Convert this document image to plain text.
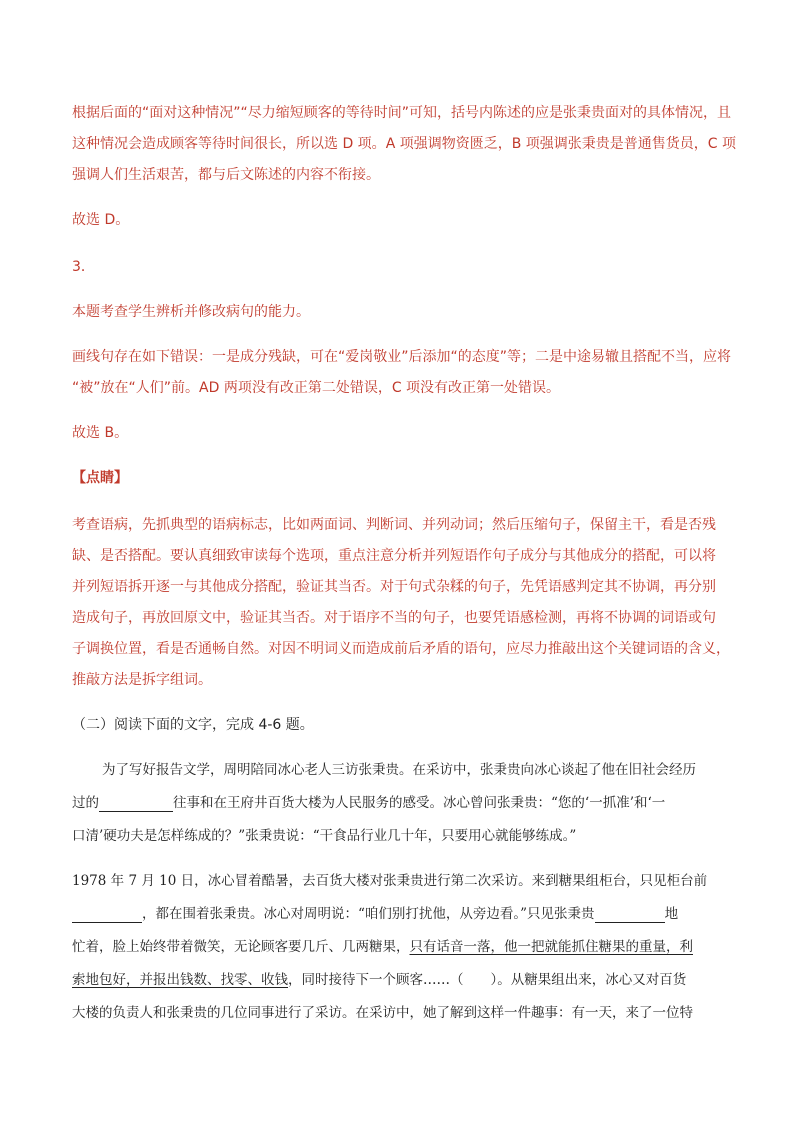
根据后面的“面对这种情况”“尽力缩短顾客的等待时间”可知，括号内陈述的应是张秉贵面对的具体情况，且
这种情况会造成顾客等待时间很长，所以选 D 项。A 项强调物资匮乏，B 项强调张秉贵是普通售货员，C 项
强调人们生活艰苦，都与后文陈述的内容不衔接。
故选 D。
3．
本题考查学生辨析并修改病句的能力。
画线句存在如下错误：一是成分残缺，可在“爱岗敬业”后添加“的态度”等；二是中途易辙且搭配不当，应将
“被”放在“人们”前。AD 两项没有改正第二处错误，C 项没有改正第一处错误。
故选 B。
【点睛】
考查语病，先抓典型的语病标志，比如两面词、判断词、并列动词；然后压缩句子，保留主干，看是否残
缺、是否搭配。要认真细致审读每个选项，重点注意分析并列短语作句子成分与其他成分的搭配，可以将
并列短语拆开逐一与其他成分搭配，验证其当否。对于句式杂糅的句子，先凭语感判定其不协调，再分别
造成句子，再放回原文中，验证其当否。对于语序不当的句子，也要凭语感检测，再将不协调的词语或句
子调换位置，看是否通畅自然。对因不明词义而造成前后矛盾的语句，应尽力推敲出这个关键词语的含义，
推敲方法是拆字组词。
（二）阅读下面的文字，完成 4-6 题。
为了写好报告文学，周明陪同冰心老人三访张秉贵。在采访中，张秉贵向冰心谈起了他在旧社会经历
过的	往事和在王府井百货大楼为人民服务的感受。冰心曾问张秉贵：“您的‘一抓准’和‘一
口清’硬功夫是怎样练成的？”张秉贵说：“干食品行业几十年，只要用心就能够练成。”
1978 年 7 月 10 日，冰心冒着酷暑，去百货大楼对张秉贵进行第二次采访。来到糖果组柜台，只见柜台前
，都在围着张秉贵。冰心对周明说：“咱们别打扰他，从旁边看。”只见张秉贵	地
忙着，脸上始终带着微笑，无论顾客要几斤、几两糖果，只有话音一落，他一把就能抓住糖果的重量，利
索地包好，并报出钱数、找零、收钱，同时接待下一个顾客……（　　）。从糖果组出来，冰心又对百货
大楼的负责人和张秉贵的几位同事进行了采访。在采访中，她了解到这样一件趣事：有一天，来了一位特
